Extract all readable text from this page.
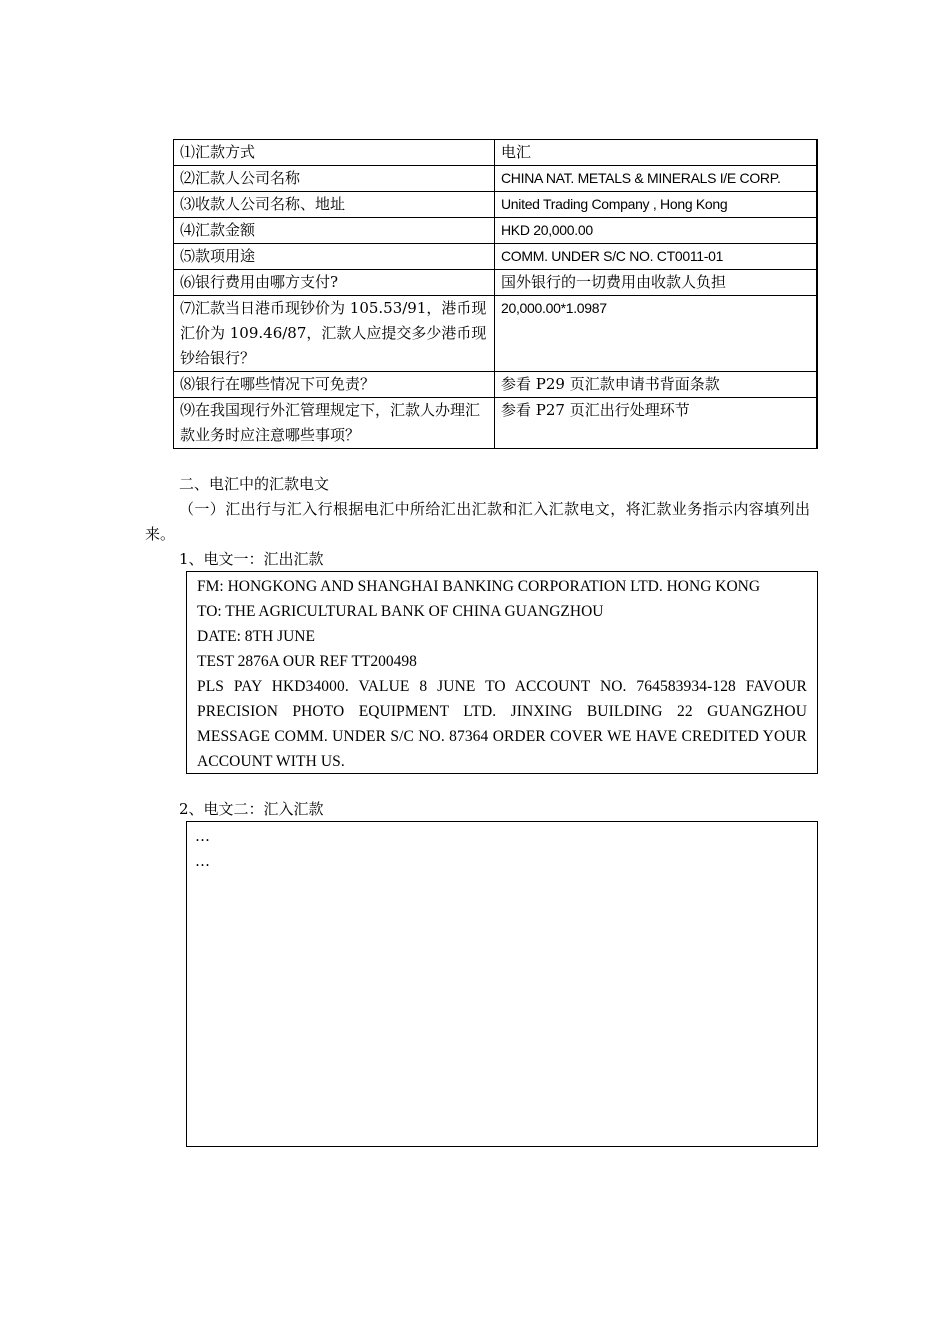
⑴汇款方式	电汇
⑵汇款人公司名称	CHINA NAT. METALS & MINERALS I/E CORP.
⑶收款人公司名称、地址	United Trading Company , Hong Kong
⑷汇款金额	HKD 20,000.00
⑸款项用途	COMM. UNDER S/C NO. CT0011-01
⑹银行费用由哪方支付?	国外银行的一切费用由收款人负担
⑺汇款当日港币现钞价为 105.53/91，港币现汇价为 109.46/87，汇款人应提交多少港币现钞给银行？	20,000.00*1.0987
⑻银行在哪些情况下可免责？	参看 P29 页汇款申请书背面条款
⑼在我国现行外汇管理规定下，汇款人办理汇款业务时应注意哪些事项？	参看 P27 页汇出行处理环节
二、电汇中的汇款电文
（一）汇出行与汇入行根据电汇中所给汇出汇款和汇入汇款电文，将汇款业务指示内容填列出来。
1、电文一：汇出汇款
FM: HONGKONG AND SHANGHAI BANKING CORPORATION LTD. HONG KONG
TO: THE AGRICULTURAL BANK OF CHINA GUANGZHOU
DATE: 8TH JUNE
TEST 2876A OUR REF TT200498
PLS PAY HKD34000. VALUE 8 JUNE TO ACCOUNT NO. 764583934-128 FAVOUR PRECISION PHOTO EQUIPMENT LTD. JINXING BUILDING 22 GUANGZHOU MESSAGE COMM. UNDER S/C NO. 87364 ORDER COVER WE HAVE CREDITED YOUR ACCOUNT WITH US.
2、电文二：汇入汇款
…
…
